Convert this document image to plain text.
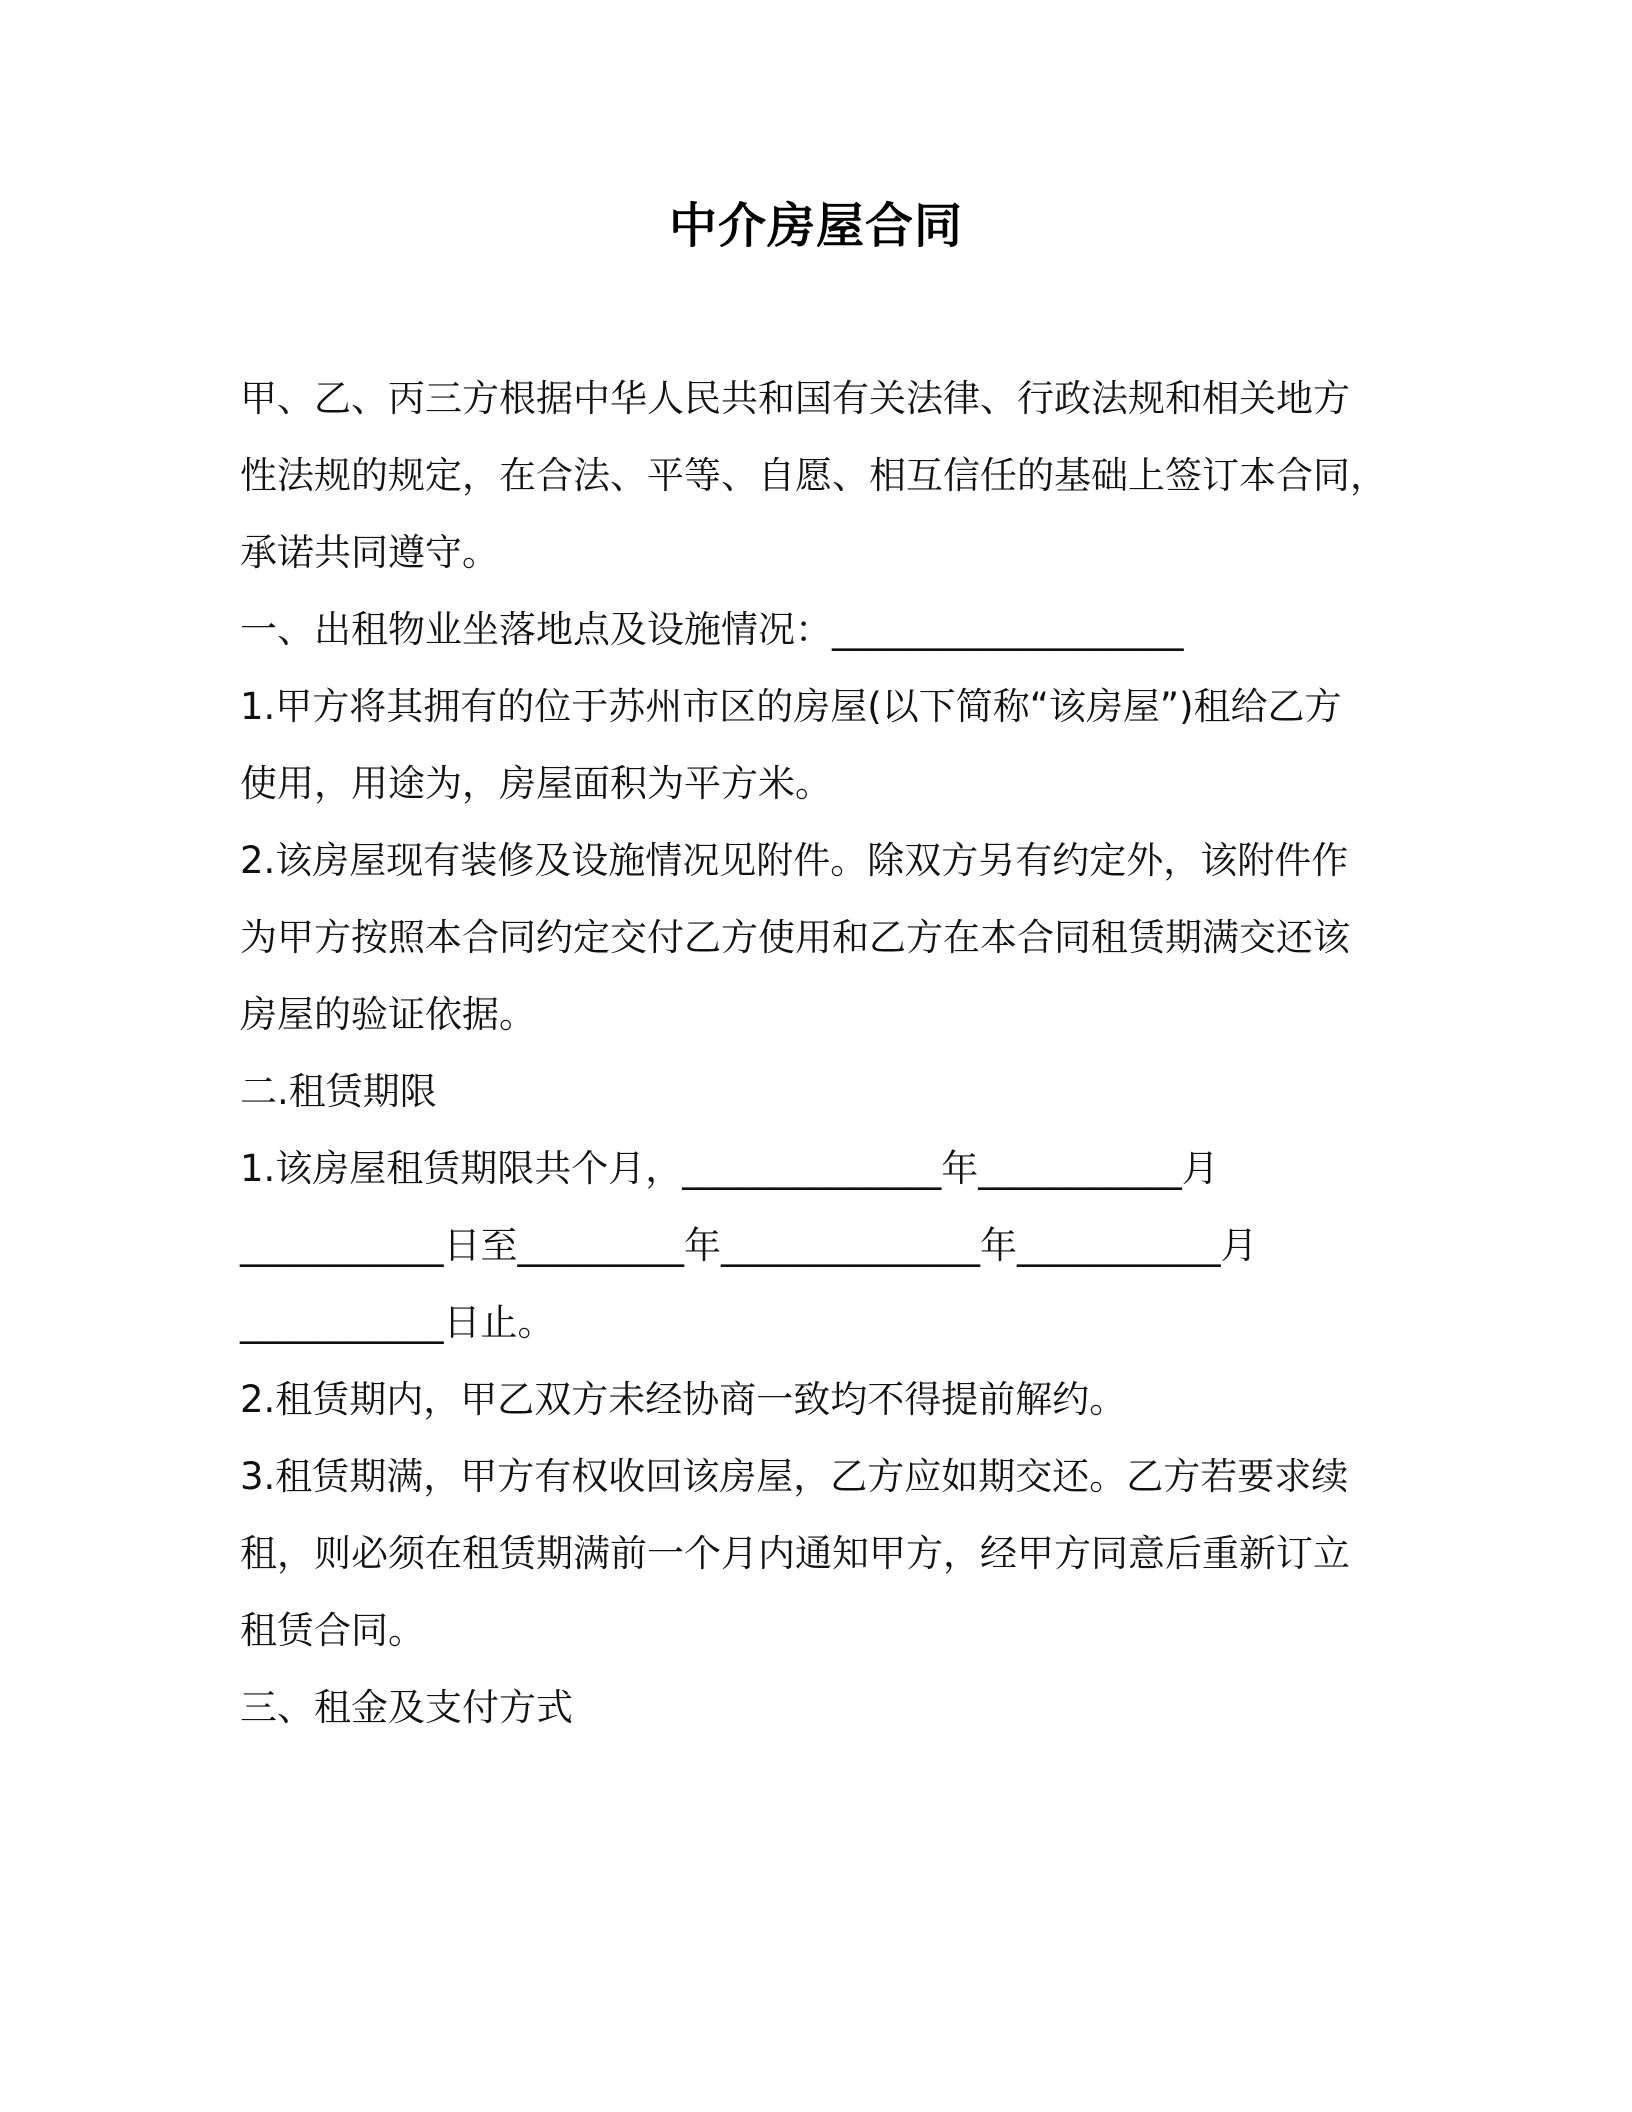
中介房屋合同
甲、乙、丙三方根据中华人民共和国有关法律、行政法规和相关地方
性法规的规定，在合法、平等、自愿、相互信任的基础上签订本合同，
承诺共同遵守。
一、出租物业坐落地点及设施情况：___________________
1.甲方将其拥有的位于苏州市区的房屋(以下简称“该房屋”)租给乙方
使用，用途为，房屋面积为平方米。
2.该房屋现有装修及设施情况见附件。除双方另有约定外，该附件作
为甲方按照本合同约定交付乙方使用和乙方在本合同租赁期满交还该
房屋的验证依据。
二.租赁期限
1.该房屋租赁期限共个月，______________年___________月
___________日至_________年______________年___________月
___________日止。
2.租赁期内，甲乙双方未经协商一致均不得提前解约。
3.租赁期满，甲方有权收回该房屋，乙方应如期交还。乙方若要求续
租，则必须在租赁期满前一个月内通知甲方，经甲方同意后重新订立
租赁合同。
三、租金及支付方式
